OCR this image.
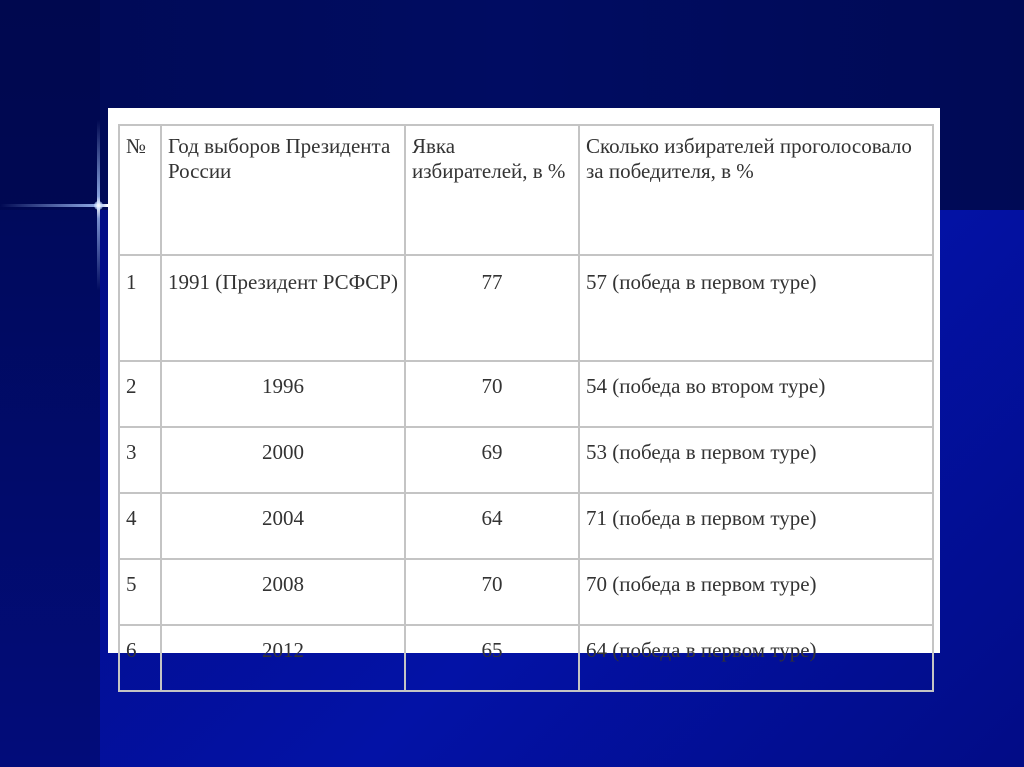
№	Год выборов Президента России	Явка избирателей, в %	Сколько избирателей проголосовало за победителя, в %
1	1991 (Президент РСФСР)	77	57 (победа в первом туре)
2	1996	70	54 (победа во втором туре)
3	2000	69	53 (победа в первом туре)
4	2004	64	71 (победа в первом туре)
5	2008	70	70 (победа в первом туре)
6	2012	65	64 (победа в первом туре)
